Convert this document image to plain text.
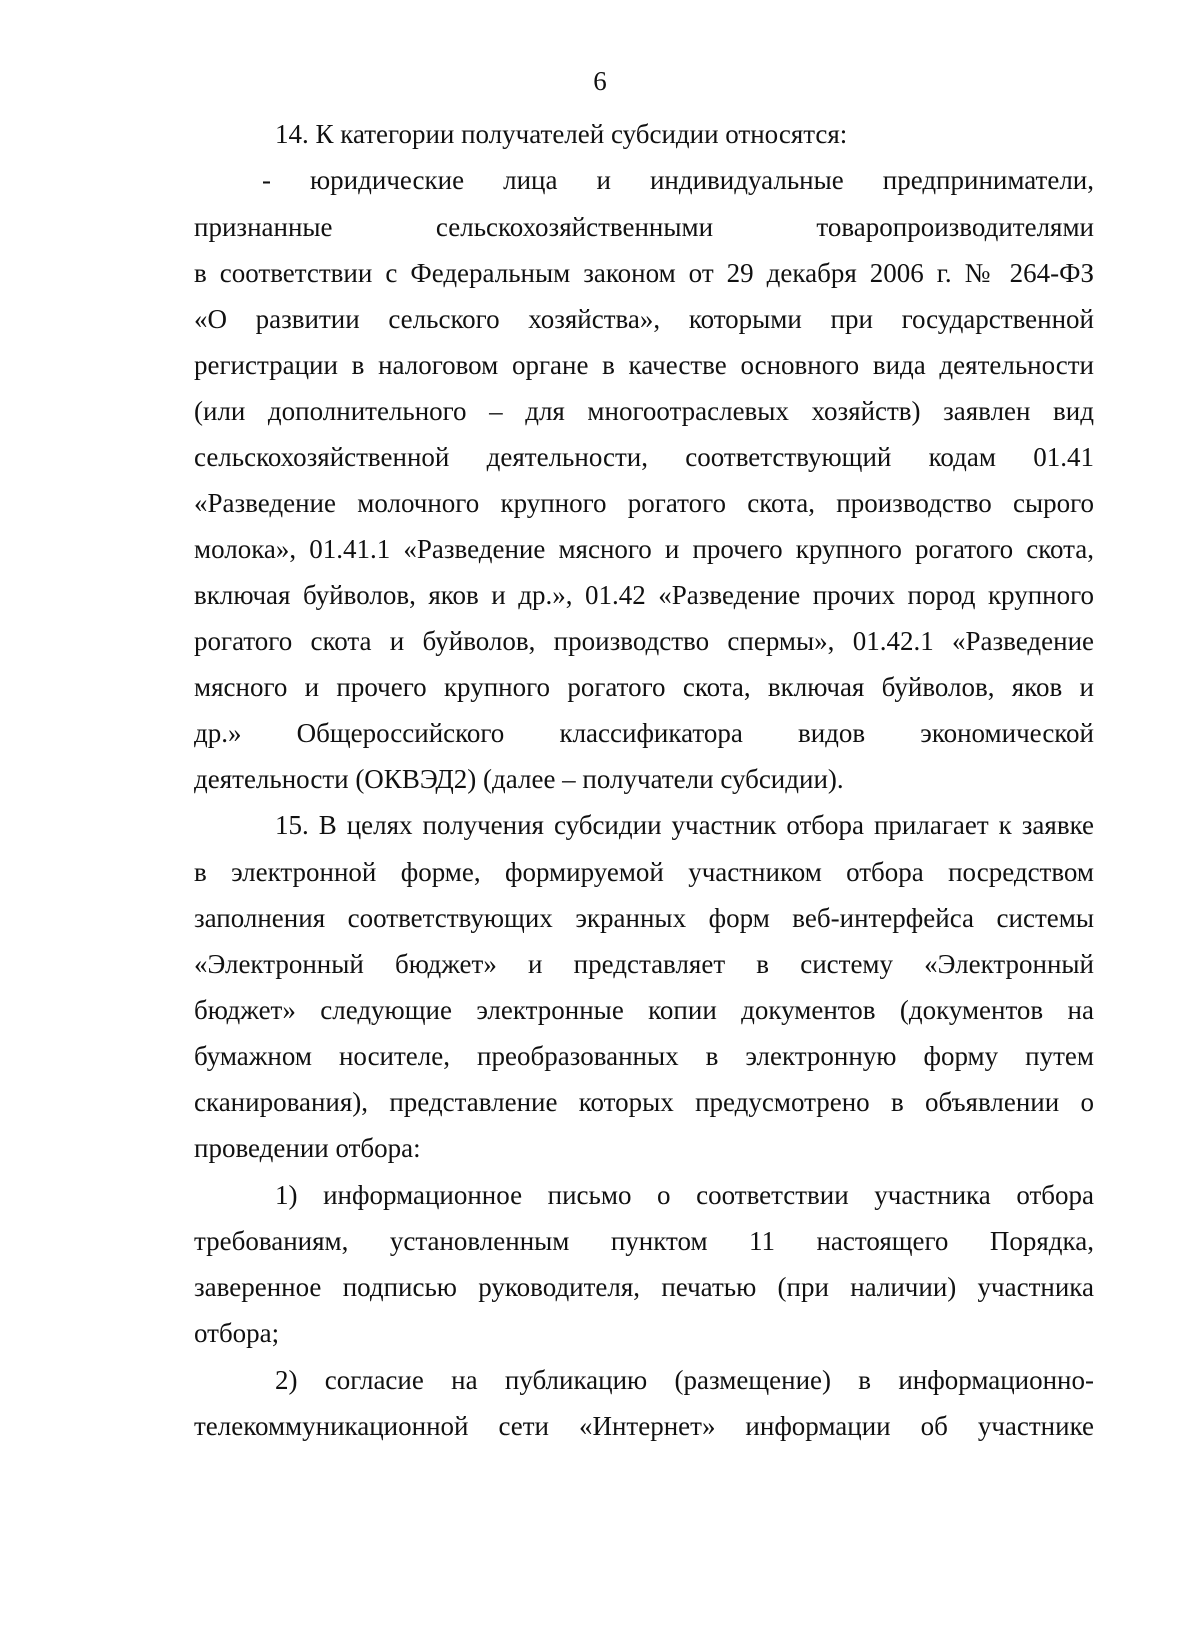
6
14. К категории получателей субсидии относятся:
- юридические лица и индивидуальные предприниматели,
признанные сельскохозяйственными товаропроизводителями
в соответствии с Федеральным законом от 29 декабря 2006 г. № 264-ФЗ
«О развитии сельского хозяйства», которыми при государственной
регистрации в налоговом органе в качестве основного вида деятельности
(или дополнительного – для многоотраслевых хозяйств) заявлен вид
сельскохозяйственной деятельности, соответствующий кодам 01.41
«Разведение молочного крупного рогатого скота, производство сырого
молока», 01.41.1 «Разведение мясного и прочего крупного рогатого скота,
включая буйволов, яков и др.», 01.42 «Разведение прочих пород крупного
рогатого скота и буйволов, производство спермы», 01.42.1 «Разведение
мясного и прочего крупного рогатого скота, включая буйволов, яков и
др.» Общероссийского классификатора видов экономической
деятельности (ОКВЭД2) (далее – получатели субсидии).
15. В целях получения субсидии участник отбора прилагает к заявке
в электронной форме, формируемой участником отбора посредством
заполнения соответствующих экранных форм веб-интерфейса системы
«Электронный бюджет» и представляет в систему «Электронный
бюджет» следующие электронные копии документов (документов на
бумажном носителе, преобразованных в электронную форму путем
сканирования), представление которых предусмотрено в объявлении о
проведении отбора:
1) информационное письмо о соответствии участника отбора
требованиям, установленным пунктом 11 настоящего Порядка,
заверенное подписью руководителя, печатью (при наличии) участника
отбора;
2) согласие на публикацию (размещение) в информационно-
телекоммуникационной сети «Интернет» информации об участнике
